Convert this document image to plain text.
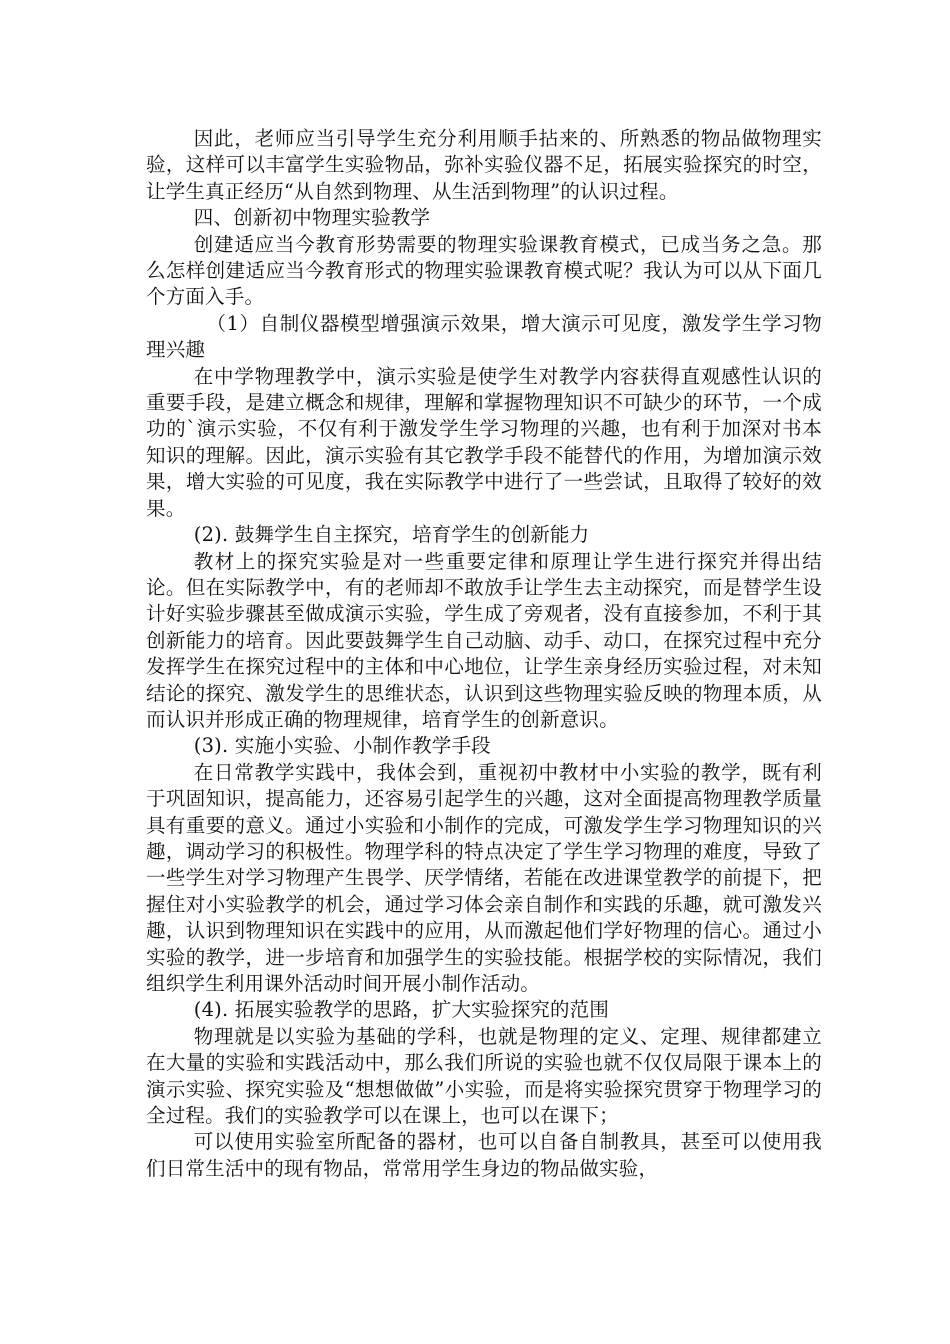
因此，老师应当引导学生充分利用顺手拈来的、所熟悉的物品做物理实验，这样可以丰富学生实验物品，弥补实验仪器不足，拓展实验探究的时空，让学生真正经历“从自然到物理、从生活到物理”的认识过程。

四、创新初中物理实验教学

创建适应当今教育形势需要的物理实验课教育模式，已成当务之急。那么怎样创建适应当今教育形式的物理实验课教育模式呢？我认为可以从下面几个方面入手。

（1）自制仪器模型增强演示效果，增大演示可见度，激发学生学习物理兴趣

在中学物理教学中，演示实验是使学生对教学内容获得直观感性认识的重要手段，是建立概念和规律，理解和掌握物理知识不可缺少的环节，一个成功的`演示实验，不仅有利于激发学生学习物理的兴趣，也有利于加深对书本知识的理解。因此，演示实验有其它教学手段不能替代的作用，为增加演示效果，增大实验的可见度，我在实际教学中进行了一些尝试，且取得了较好的效果。

(2). 鼓舞学生自主探究，培育学生的创新能力

教材上的探究实验是对一些重要定律和原理让学生进行探究并得出结论。但在实际教学中，有的老师却不敢放手让学生去主动探究，而是替学生设计好实验步骤甚至做成演示实验，学生成了旁观者，没有直接参加，不利于其创新能力的培育。因此要鼓舞学生自己动脑、动手、动口，在探究过程中充分发挥学生在探究过程中的主体和中心地位，让学生亲身经历实验过程，对未知结论的探究、激发学生的思维状态，认识到这些物理实验反映的物理本质，从而认识并形成正确的物理规律，培育学生的创新意识。

(3). 实施小实验、小制作教学手段

在日常教学实践中，我体会到，重视初中教材中小实验的教学，既有利于巩固知识，提高能力，还容易引起学生的兴趣，这对全面提高物理教学质量具有重要的意义。通过小实验和小制作的完成，可激发学生学习物理知识的兴趣，调动学习的积极性。物理学科的特点决定了学生学习物理的难度，导致了一些学生对学习物理产生畏学、厌学情绪，若能在改进课堂教学的前提下，把握住对小实验教学的机会，通过学习体会亲自制作和实践的乐趣，就可激发兴趣，认识到物理知识在实践中的应用，从而激起他们学好物理的信心。通过小实验的教学，进一步培育和加强学生的实验技能。根据学校的实际情况，我们组织学生利用课外活动时间开展小制作活动。

(4). 拓展实验教学的思路，扩大实验探究的范围

物理就是以实验为基础的学科，也就是物理的定义、定理、规律都建立在大量的实验和实践活动中，那么我们所说的实验也就不仅仅局限于课本上的演示实验、探究实验及“想想做做”小实验，而是将实验探究贯穿于物理学习的全过程。我们的实验教学可以在课上，也可以在课下；

可以使用实验室所配备的器材，也可以自备自制教具，甚至可以使用我们日常生活中的现有物品，常常用学生身边的物品做实验，
